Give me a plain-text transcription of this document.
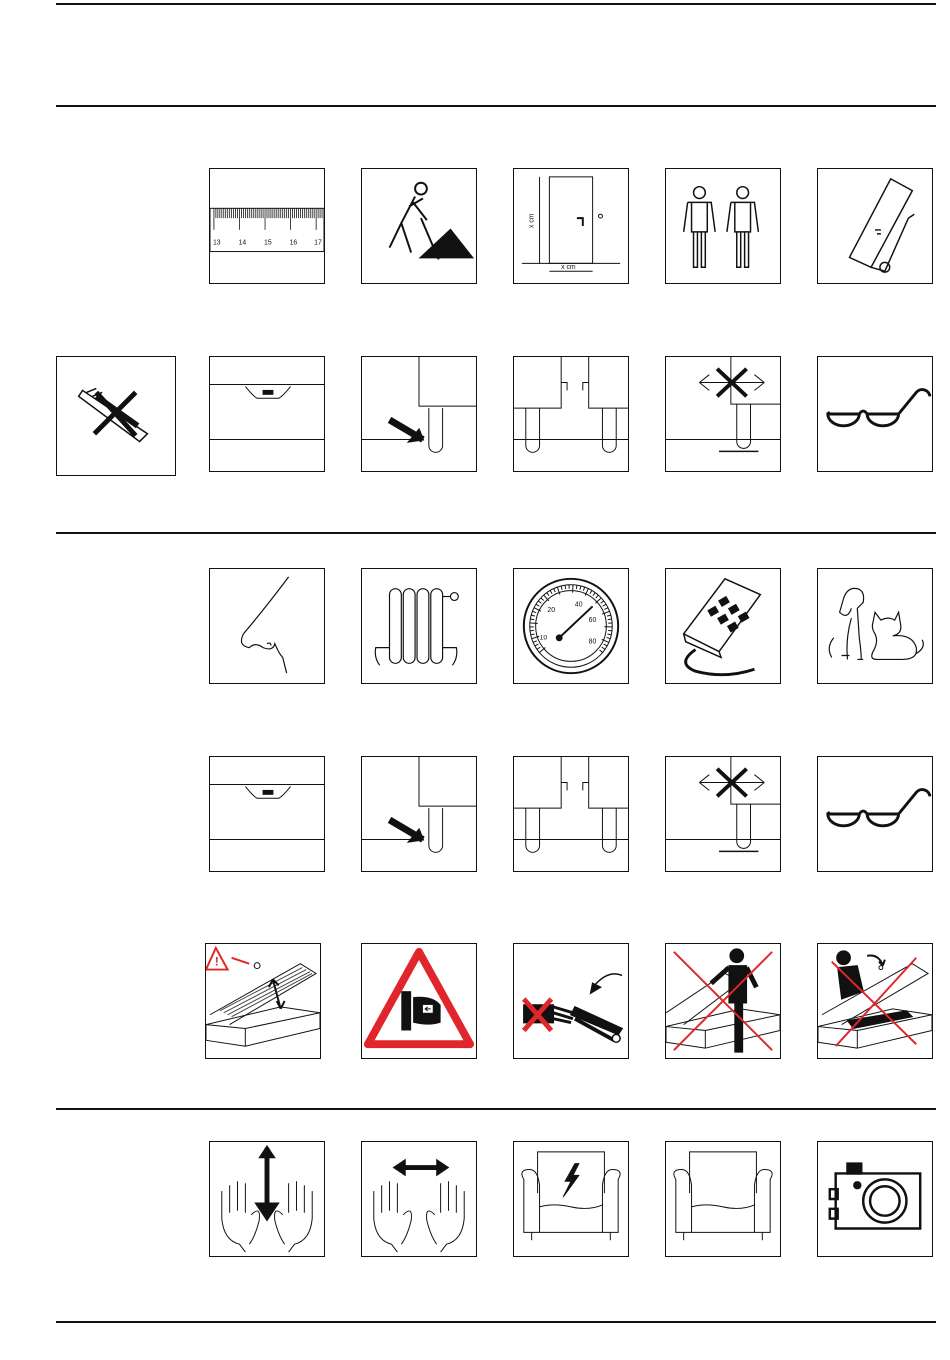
13	14	15	16 17
x cm
x cm
10
20
40
60
80
!
